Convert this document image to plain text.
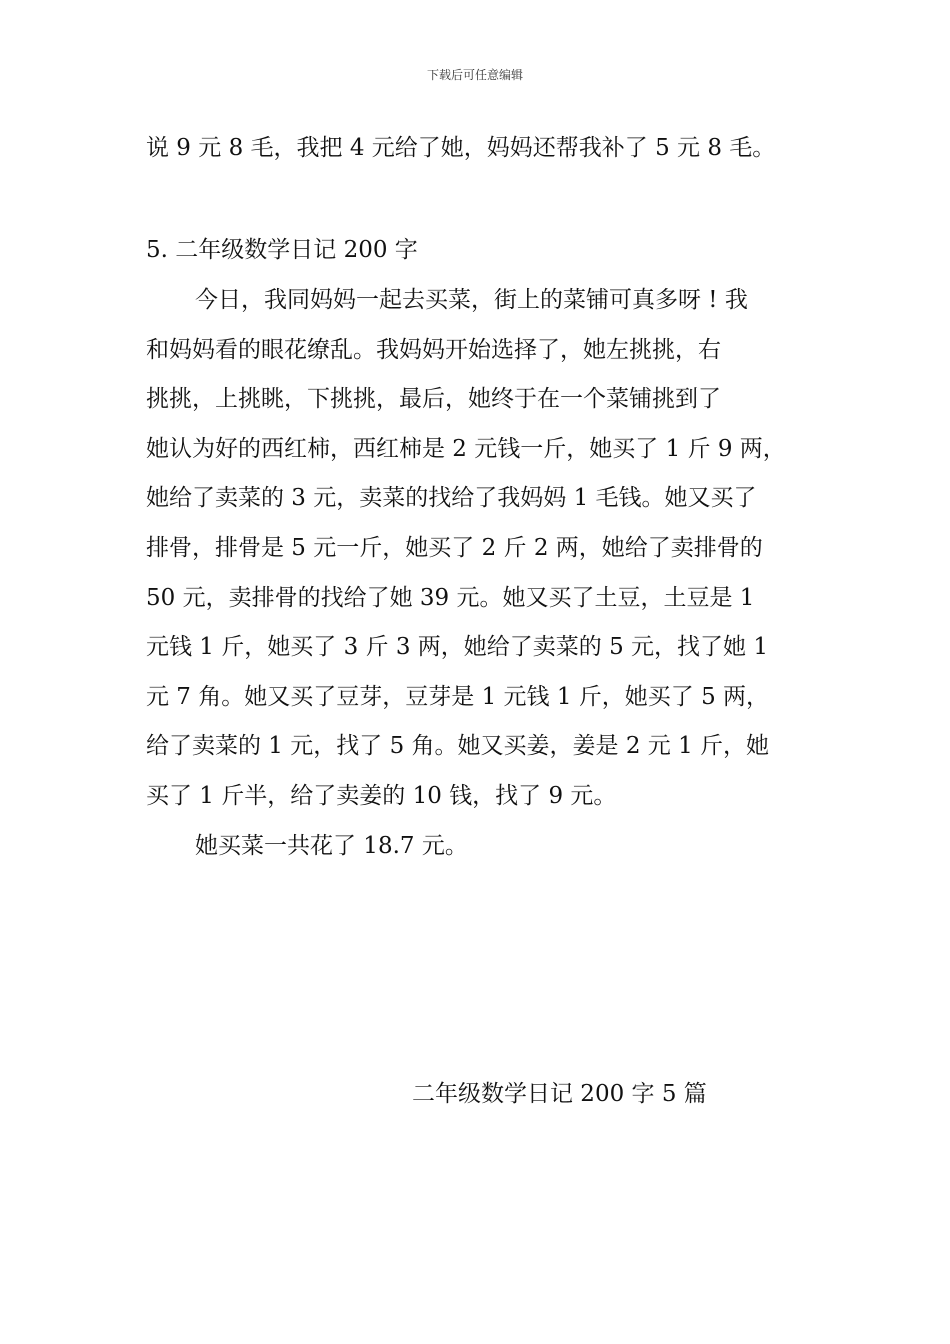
下载后可任意编辑
说 9 元 8 毛，我把 4 元给了她，妈妈还帮我补了 5 元 8 毛。
5. 二年级数学日记 200 字
今日，我同妈妈一起去买菜，街上的菜铺可真多呀 ! 我
和妈妈看的眼花缭乱。我妈妈开始选择了，她左挑挑，右
挑挑，上挑眺，下挑挑，最后，她终于在一个菜铺挑到了
她认为好的西红柿，西红柿是 2 元钱一斤，她买了 1 斤 9 两，
她给了卖菜的 3 元，卖菜的找给了我妈妈 1 毛钱。她又买了
排骨，排骨是 5 元一斤，她买了 2 斤 2 两，她给了卖排骨的
50 元，卖排骨的找给了她 39 元。她又买了土豆，土豆是 1
元钱 1 斤，她买了 3 斤 3 两，她给了卖菜的 5 元，找了她 1
元 7 角。她又买了豆芽，豆芽是 1 元钱 1 斤，她买了 5 两，
给了卖菜的 1 元，找了 5 角。她又买姜，姜是 2 元 1 斤，她
买了 1 斤半，给了卖姜的 10 钱，找了 9 元。
她买菜一共花了 18.7 元。
二年级数学日记 200 字 5 篇
